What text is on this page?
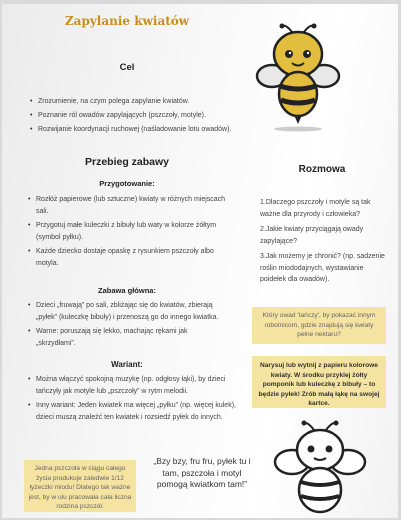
Zapylanie kwiatów
Cel
• Zrozumienie, na czym polega zapylanie kwiatów.
• Poznanie ról owadów zapylających (pszczoły, motyle).
• Rozwijanie koordynacji ruchowej (naśladowanie lotu owadów).
Przebieg zabawy
Przygotowanie:
• Rozłóż papierowe (lub sztuczne) kwiaty w różnych miejscach sali.
• Przygotuj małe kuleczki z bibuły lub waty w kolorze żółtym (symbol pyłku).
• Każde dziecko dostaje opaskę z rysunkiem pszczoły albo motyla.
Zabawa główna:
• Dzieci „fruwają” po sali, zbliżając się do kwiatów, zbierają „pyłek” (kuleczkę bibuły) i przenoszą go do innego kwiatka.
• Warne: poruszają się lekko, machając rękami jak „skrzydłami”.
Wariant:
• Można włączyć spokojną muzykę (np. odgłosy łąki), by dzieci tańczyły jak motyle lub „pszczoły” w rytm melodii.
• Inny wariant: Jeden kwiatek ma więcej „pyłku” (np. więcej kulek), dzieci muszą znaleźć ten kwiatek i rozsiedź pyłek do innych.
Rozmowa
1.Dlaczego pszczoły i motyle są tak ważne dla przyrody i człowieka?
2.Jakie kwiaty przyciągają owady zapylające?
3.Jak możemy je chronić? (np. sadzenie roślin miododajnych, wystawianie poidełek dla owadów).
Który owad 'tańczy', by pokazać innym robotnicom, gdzie znajdują się kwiaty pełne nektaru?
Narysuj lub wytnij z papieru kolorowe kwiaty. W środku przyklej żółty pomponik lub kuleczkę z bibuły – to będzie pyłek! Zrób małą łąkę na swojej kartce.
Jedna pszczoła w ciągu całego życia produkuje zaledwie 1/12 łyżeczki miodu! Dlatego tak ważne jest, by w ulu pracowała cała liczna rodzina pszczół.
„Bzy bzy, fru fru, pyłek tu i tam, pszczoła i motyl pomogą kwiatkom tam!”
